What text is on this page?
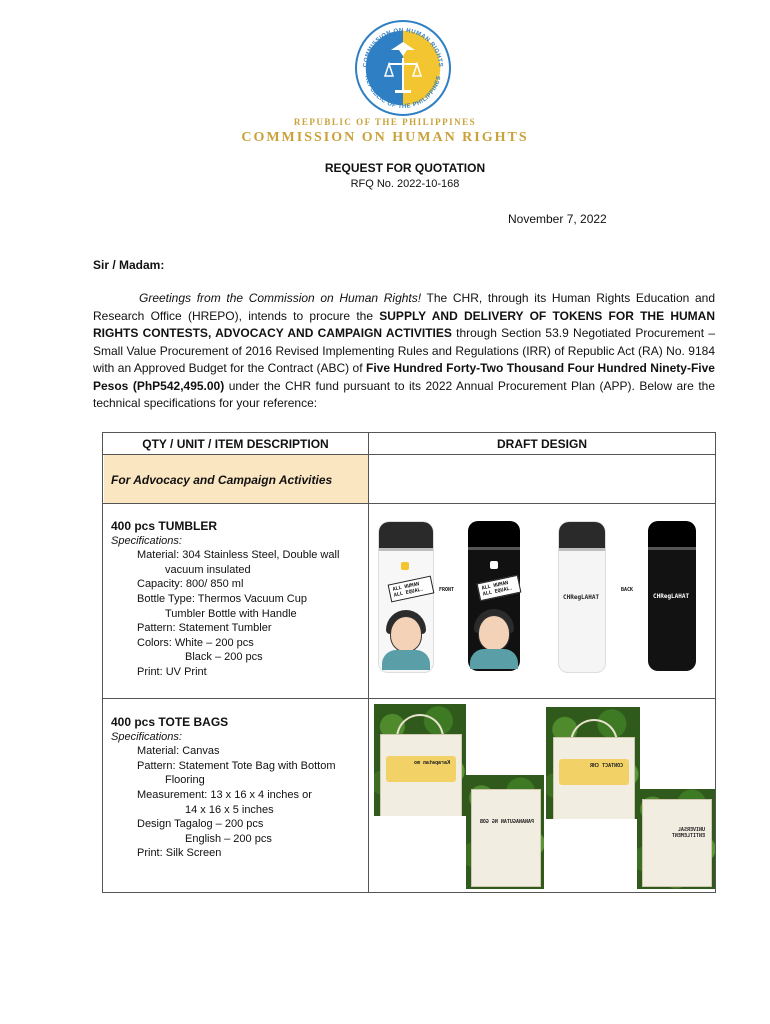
COMMISSION ON HUMAN RIGHTS
REPUBLIC OF THE PHILIPPINES
REPUBLIC OF THE PHILIPPINES
COMMISSION ON HUMAN RIGHTS
REQUEST FOR QUOTATION
RFQ No. 2022-10-168
November 7, 2022
Sir / Madam:
Greetings from the Commission on Human Rights! The CHR, through its Human Rights Education and Research Office (HREPO), intends to procure the SUPPLY AND DELIVERY OF TOKENS FOR THE HUMAN RIGHTS CONTESTS, ADVOCACY AND CAMPAIGN ACTIVITIES through Section 53.9 Negotiated Procurement – Small Value Procurement of 2016 Revised Implementing Rules and Regulations (IRR) of Republic Act (RA) No. 9184 with an Approved Budget for the Contract (ABC) of Five Hundred Forty-Two Thousand Four Hundred Ninety-Five Pesos (PhP542,495.00) under the CHR fund pursuant to its 2022 Annual Procurement Plan (APP). Below are the technical specifications for your reference:
QTY / UNIT / ITEM DESCRIPTION	DRAFT DESIGN
For Advocacy and Campaign Activities
400 pcs TUMBLER
Specifications:
Material: 304 Stainless Steel, Double wall
vacuum insulated
Capacity: 800/ 850 ml
Bottle Type: Thermos Vacuum Cup
Tumbler Bottle with Handle
Pattern: Statement Tumbler
Colors: White – 200 pcs
Black – 200 pcs
Print: UV Print
ALL HUMAN ALL EQUAL.	FRONT	ALL HUMAN ALL EQUAL.
CHRegLAHAT
BACK
CHRegLAHAT
400 pcs TOTE BAGS
Specifications:
Material: Canvas
Pattern: Statement Tote Bag with Bottom
Flooring
Measurement: 13 x 16 x 4 inches or
14 x 16 x 5 inches
Design Tagalog – 200 pcs
English – 200 pcs
Print: Silk Screen
Karapatan mo
PANANAGUTAN NG GOB
CONTACT CHR
UNIVERSAL ENTITLEMENT
